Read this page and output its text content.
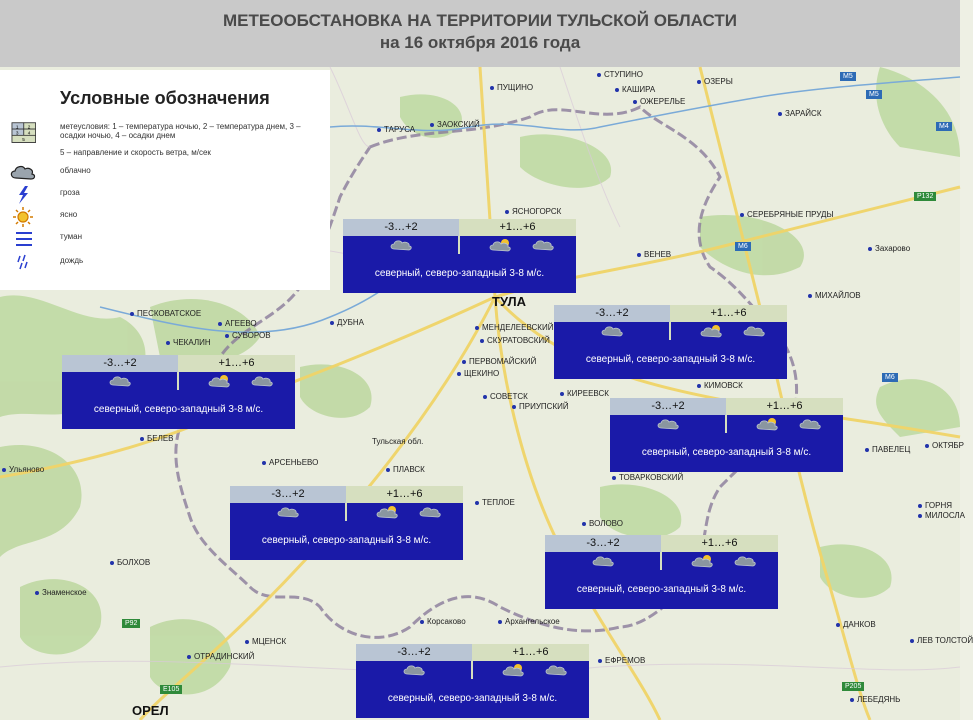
МЕТЕООБСТАНОВКА НА ТЕРРИТОРИИ ТУЛЬСКОЙ ОБЛАСТИ
на 16 октября 2016 года
ТУЛА
СТУПИНО
ОЗЕРЫ
КАШИРА
ОЖЕРЕЛЬЕ
ПУЩИНО
ТАРУСА
ЗАОКСКИЙ
ЗАРАЙСК
СЕРЕБРЯНЫЕ ПРУДЫ
Захарово
ВЕНЕВ
ЯСНОГОРСК
МИХАЙЛОВ
ПЕСКОВАТСКОЕ
АГЕЕВО
СУВОРОВ
ЧЕКАЛИН
ДУБНА
МЕНДЕЛЕЕВСКИЙ
СКУРАТОВСКИЙ
ПЕРВОМАЙСКИЙ
ЩЕКИНО
СОВЕТСК
ПРИУПСКИЙ
КИРЕЕВСК
КИМОВСК
БЕЛЕВ
АРСЕНЬЕВО
Тульская обл.
ПЛАВСК
ТЕПЛОЕ
ТОВАРКОВСКИЙ
ВОЛОВО
Ульяново
БОЛХОВ
Знаменское
МЦЕНСК
ОТРАДИНСКИЙ
ОРЕЛ
Корсаково	Архангельское
ЕФРЕМОВ
ПАВЕЛЕЦ	ОКТЯБР
ГОРНЯ
МИЛОСЛА
ДАНКОВ
ЛЕВ ТОЛСТОЙ
ЛЕБЕДЯНЬ
M5
M5
M4
M6
M6
P132
P92
E105	P205
Условные обозначения
1 2
3 4
5
метеусловия: 1 – температура ночью, 2 – температура днем, 3 – осадки ночью, 4 – осадки днем
5 – направление и скорость ветра, м/сек
облачно
гроза
ясно
туман
дождь
-3…+2	+1…+6
северный, северо-западный 3-8 м/с.
-3…+2	+1…+6
северный, северо-западный 3-8 м/с.
-3…+2	+1…+6
северный, северо-западный 3-8 м/с.	-3…+2	+1…+6
северный, северо-западный 3-8 м/с.
-3…+2	+1…+6
северный, северо-западный 3-8 м/с.	-3…+2	+1…+6
северный, северо-западный 3-8 м/с.
-3…+2	+1…+6
северный, северо-западный 3-8 м/с.
